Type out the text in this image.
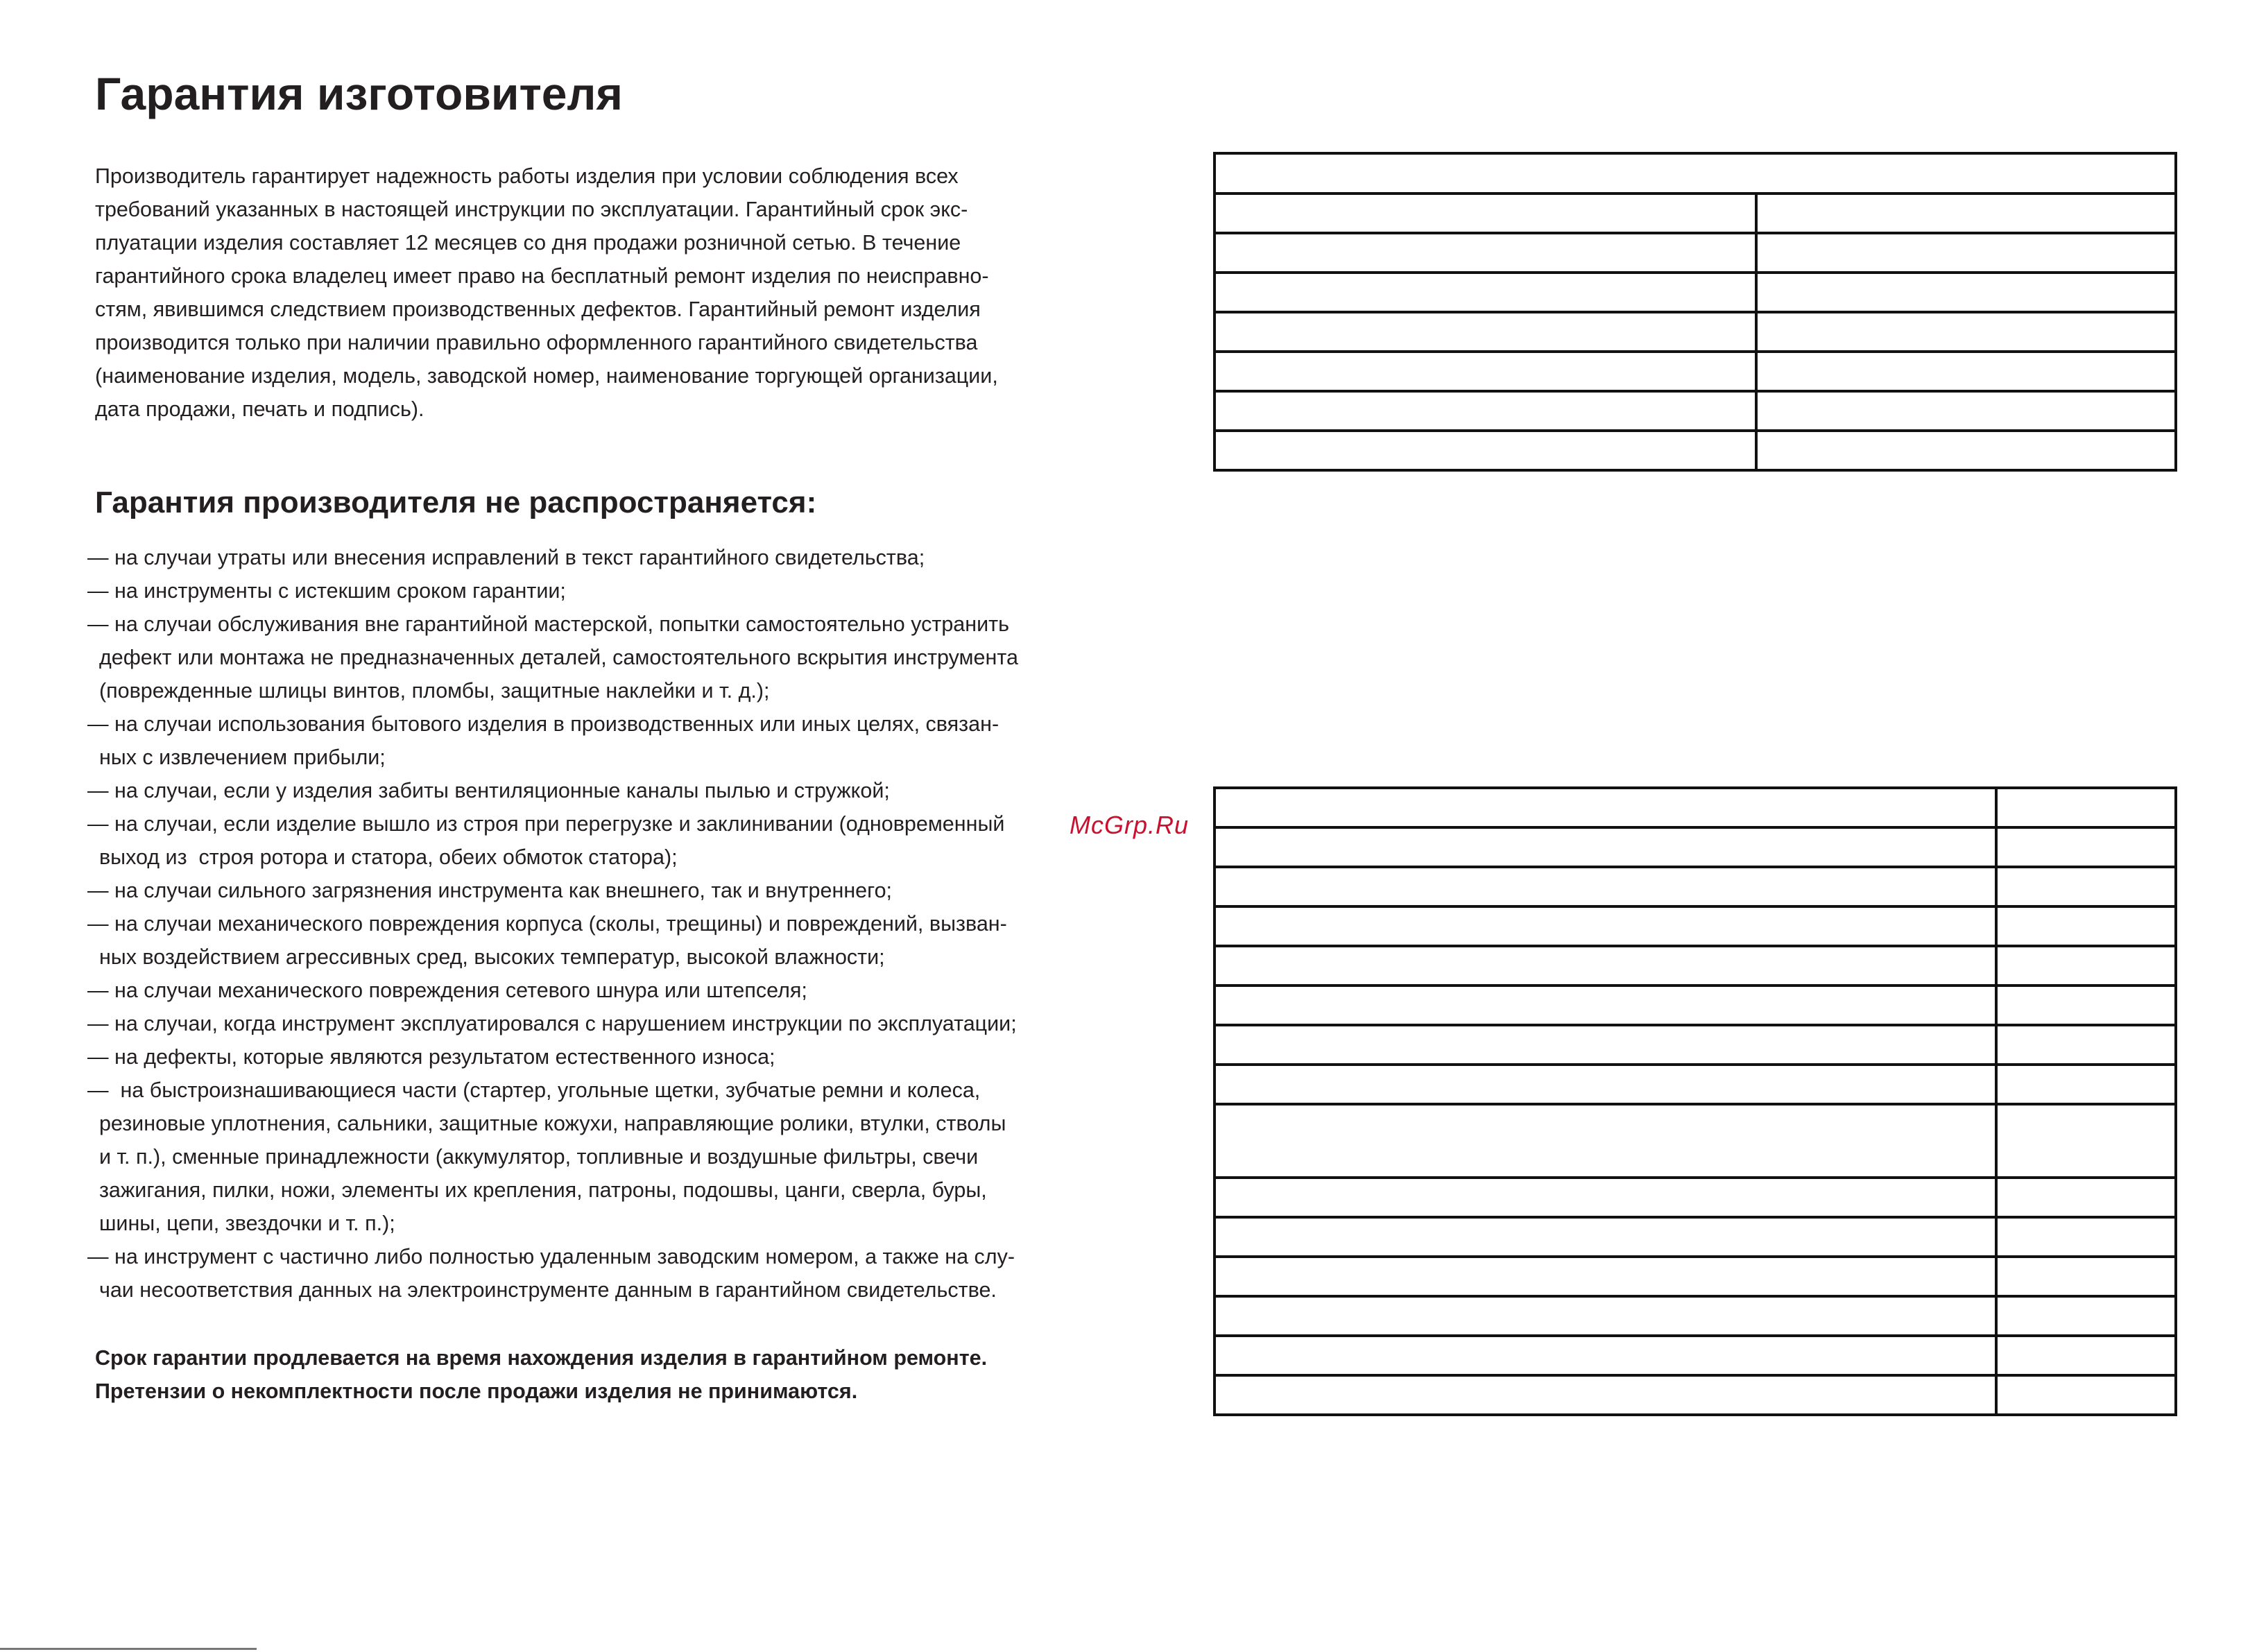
Гарантия изготовителя
Производитель гарантирует надежность работы изделия при условии соблюдения всех
требований указанных в настоящей инструкции по эксплуатации. Гарантийный срок экс-
плуатации изделия составляет 12 месяцев со дня продажи розничной сетью. В течение
гарантийного срока владелец имеет право на бесплатный ремонт изделия по неисправно-
стям, явившимся следствием производственных дефектов. Гарантийный ремонт изделия
производится только при наличии правильно оформленного гарантийного свидетельства
(наименование изделия, модель, заводской номер, наименование торгующей организации,
дата продажи, печать и подпись).
Гарантия производителя не распространяется:
— на случаи утраты или внесения исправлений в текст гарантийного свидетельства;
— на инструменты с истекшим сроком гарантии;
— на случаи обслуживания вне гарантийной мастерской, попытки самостоятельно устранить
дефект или монтажа не предназначенных деталей, самостоятельного вскрытия инструмента
(поврежденные шлицы винтов, пломбы, защитные наклейки и т. д.);
— на случаи использования бытового изделия в производственных или иных целях, связан-
ных с извлечением прибыли;
— на случаи, если у изделия забиты вентиляционные каналы пылью и стружкой;
— на случаи, если изделие вышло из строя при перегрузке и заклинивании (одновременный
выход из  строя ротора и статора, обеих обмоток статора);
— на случаи сильного загрязнения инструмента как внешнего, так и внутреннего;
— на случаи механического повреждения корпуса (сколы, трещины) и повреждений, вызван-
ных воздействием агрессивных сред, высоких температур, высокой влажности;
— на случаи механического повреждения сетевого шнура или штепселя;
— на случаи, когда инструмент эксплуатировался с нарушением инструкции по эксплуатации;
— на дефекты, которые являются результатом естественного износа;
—  на быстроизнашивающиеся части (стартер, угольные щетки, зубчатые ремни и колеса,
резиновые уплотнения, сальники, защитные кожухи, направляющие ролики, втулки, стволы
и т. п.), сменные принадлежности (аккумулятор, топливные и воздушные фильтры, свечи
зажигания, пилки, ножи, элементы их крепления, патроны, подошвы, цанги, сверла, буры,
шины, цепи, звездочки и т. п.);
— на инструмент с частично либо полностью удаленным заводским номером, а также на слу-
чаи несоответствия данных на электроинструменте данным в гарантийном свидетельстве.
Срок гарантии продлевается на время нахождения изделия в гарантийном ремонте.
Претензии о некомплектности после продажи изделия не принимаются.
McGrp.Ru
